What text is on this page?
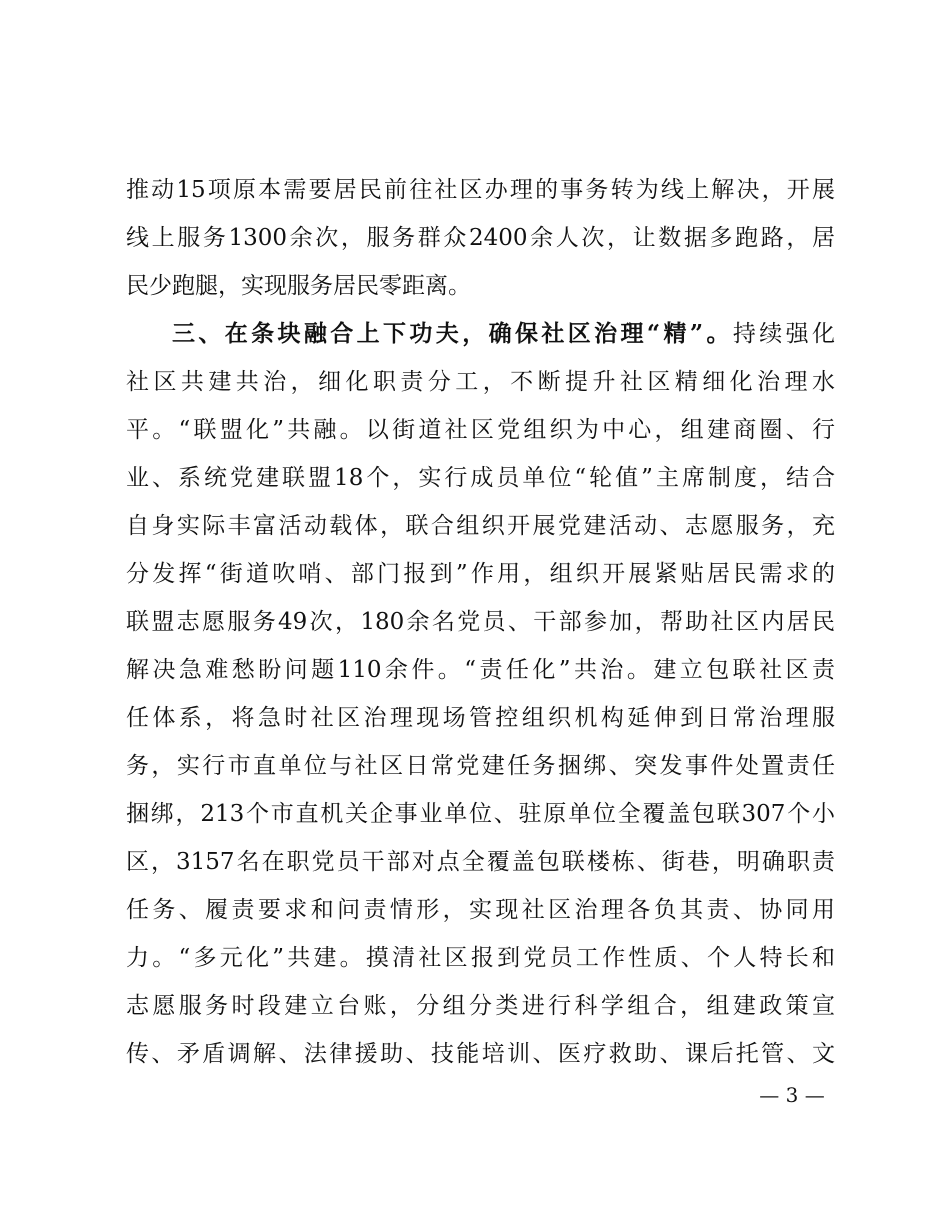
推动15项原本需要居民前往社区办理的事务转为线上解决，开展
线上服务1300余次，服务群众2400余人次，让数据多跑路，居
民少跑腿，实现服务居民零距离。
三、在条块融合上下功夫，确保社区治理“精”。持续强化
社区共建共治，细化职责分工，不断提升社区精细化治理水
平。“联盟化”共融。以街道社区党组织为中心，组建商圈、行
业、系统党建联盟18个，实行成员单位“轮值”主席制度，结合
自身实际丰富活动载体，联合组织开展党建活动、志愿服务，充
分发挥“街道吹哨、部门报到”作用，组织开展紧贴居民需求的
联盟志愿服务49次，180余名党员、干部参加，帮助社区内居民
解决急难愁盼问题110余件。“责任化”共治。建立包联社区责
任体系，将急时社区治理现场管控组织机构延伸到日常治理服
务，实行市直单位与社区日常党建任务捆绑、突发事件处置责任
捆绑，213个市直机关企事业单位、驻原单位全覆盖包联307个小
区，3157名在职党员干部对点全覆盖包联楼栋、街巷，明确职责
任务、履责要求和问责情形，实现社区治理各负其责、协同用
力。“多元化”共建。摸清社区报到党员工作性质、个人特长和
志愿服务时段建立台账，分组分类进行科学组合，组建政策宣
传、矛盾调解、法律援助、技能培训、医疗救助、课后托管、文
— 3 —
